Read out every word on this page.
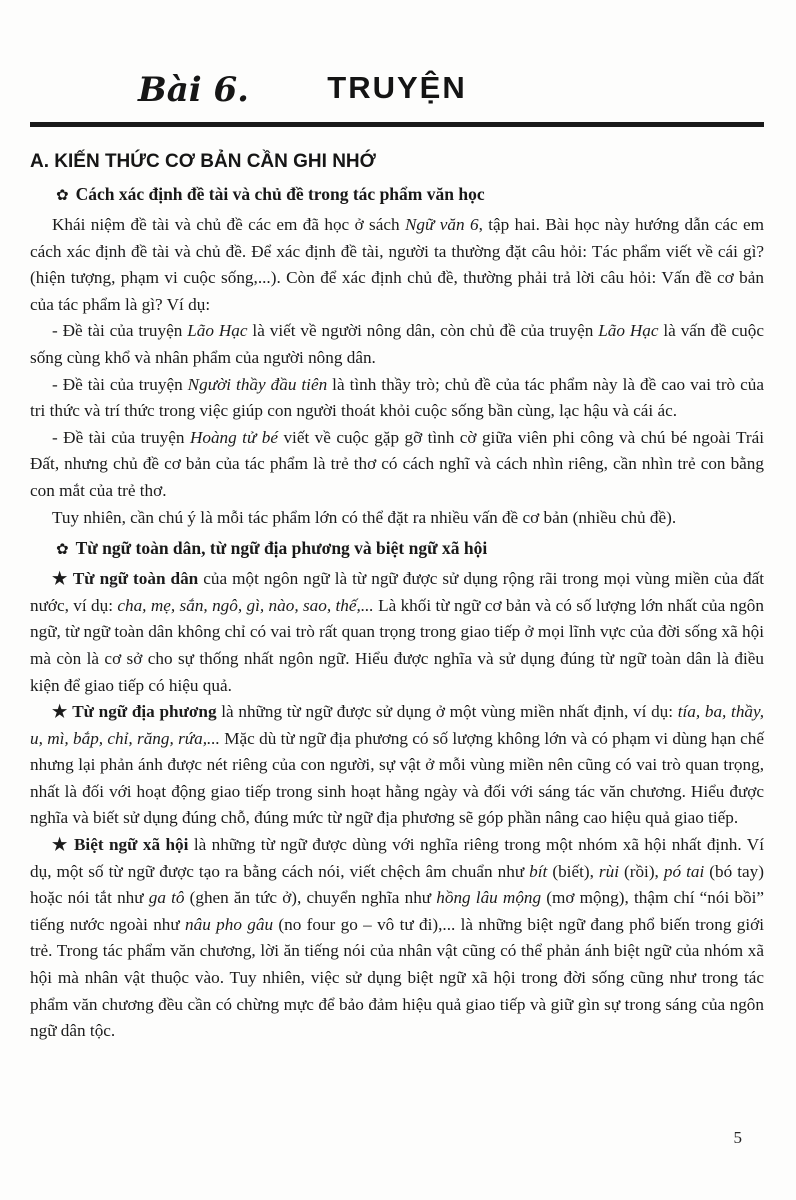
Bài 6.	TRUYỆN
A. KIẾN THỨC CƠ BẢN CẦN GHI NHỚ
✿ Cách xác định đề tài và chủ đề trong tác phẩm văn học

Khái niệm đề tài và chủ đề các em đã học ở sách Ngữ văn 6, tập hai. Bài học này hướng dẫn các em cách xác định đề tài và chủ đề. Để xác định đề tài, người ta thường đặt câu hỏi: Tác phẩm viết về cái gì? (hiện tượng, phạm vi cuộc sống,...). Còn để xác định chủ đề, thường phải trả lời câu hỏi: Vấn đề cơ bản của tác phẩm là gì? Ví dụ:

- Đề tài của truyện Lão Hạc là viết về người nông dân, còn chủ đề của truyện Lão Hạc là vấn đề cuộc sống cùng khổ và nhân phẩm của người nông dân.

- Đề tài của truyện Người thầy đầu tiên là tình thầy trò; chủ đề của tác phẩm này là đề cao vai trò của tri thức và trí thức trong việc giúp con người thoát khỏi cuộc sống bần cùng, lạc hậu và cái ác.

- Đề tài của truyện Hoàng tử bé viết về cuộc gặp gỡ tình cờ giữa viên phi công và chú bé ngoài Trái Đất, nhưng chủ đề cơ bản của tác phẩm là trẻ thơ có cách nghĩ và cách nhìn riêng, cần nhìn trẻ con bằng con mắt của trẻ thơ.

Tuy nhiên, cần chú ý là mỗi tác phẩm lớn có thể đặt ra nhiều vấn đề cơ bản (nhiều chủ đề).

✿ Từ ngữ toàn dân, từ ngữ địa phương và biệt ngữ xã hội

★ Từ ngữ toàn dân của một ngôn ngữ là từ ngữ được sử dụng rộng rãi trong mọi vùng miền của đất nước, ví dụ: cha, mẹ, sắn, ngô, gì, nào, sao, thế,... Là khối từ ngữ cơ bản và có số lượng lớn nhất của ngôn ngữ, từ ngữ toàn dân không chỉ có vai trò rất quan trọng trong giao tiếp ở mọi lĩnh vực của đời sống xã hội mà còn là cơ sở cho sự thống nhất ngôn ngữ. Hiểu được nghĩa và sử dụng đúng từ ngữ toàn dân là điều kiện để giao tiếp có hiệu quả.

★ Từ ngữ địa phương là những từ ngữ được sử dụng ở một vùng miền nhất định, ví dụ: tía, ba, thầy, u, mì, bắp, chỉ, răng, rứa,... Mặc dù từ ngữ địa phương có số lượng không lớn và có phạm vi dùng hạn chế nhưng lại phản ánh được nét riêng của con người, sự vật ở mỗi vùng miền nên cũng có vai trò quan trọng, nhất là đối với hoạt động giao tiếp trong sinh hoạt hằng ngày và đối với sáng tác văn chương. Hiểu được nghĩa và biết sử dụng đúng chỗ, đúng mức từ ngữ địa phương sẽ góp phần nâng cao hiệu quả giao tiếp.

★ Biệt ngữ xã hội là những từ ngữ được dùng với nghĩa riêng trong một nhóm xã hội nhất định. Ví dụ, một số từ ngữ được tạo ra bằng cách nói, viết chệch âm chuẩn như bít (biết), rùi (rồi), pó tai (bó tay) hoặc nói tắt như ga tô (ghen ăn tức ở), chuyển nghĩa như hồng lâu mộng (mơ mộng), thậm chí “nói bồi” tiếng nước ngoài như nâu pho gâu (no four go – vô tư đi),... là những biệt ngữ đang phổ biến trong giới trẻ. Trong tác phẩm văn chương, lời ăn tiếng nói của nhân vật cũng có thể phản ánh biệt ngữ của nhóm xã hội mà nhân vật thuộc vào. Tuy nhiên, việc sử dụng biệt ngữ xã hội trong đời sống cũng như trong tác phẩm văn chương đều cần có chừng mực để bảo đảm hiệu quả giao tiếp và giữ gìn sự trong sáng của ngôn ngữ dân tộc.

5
